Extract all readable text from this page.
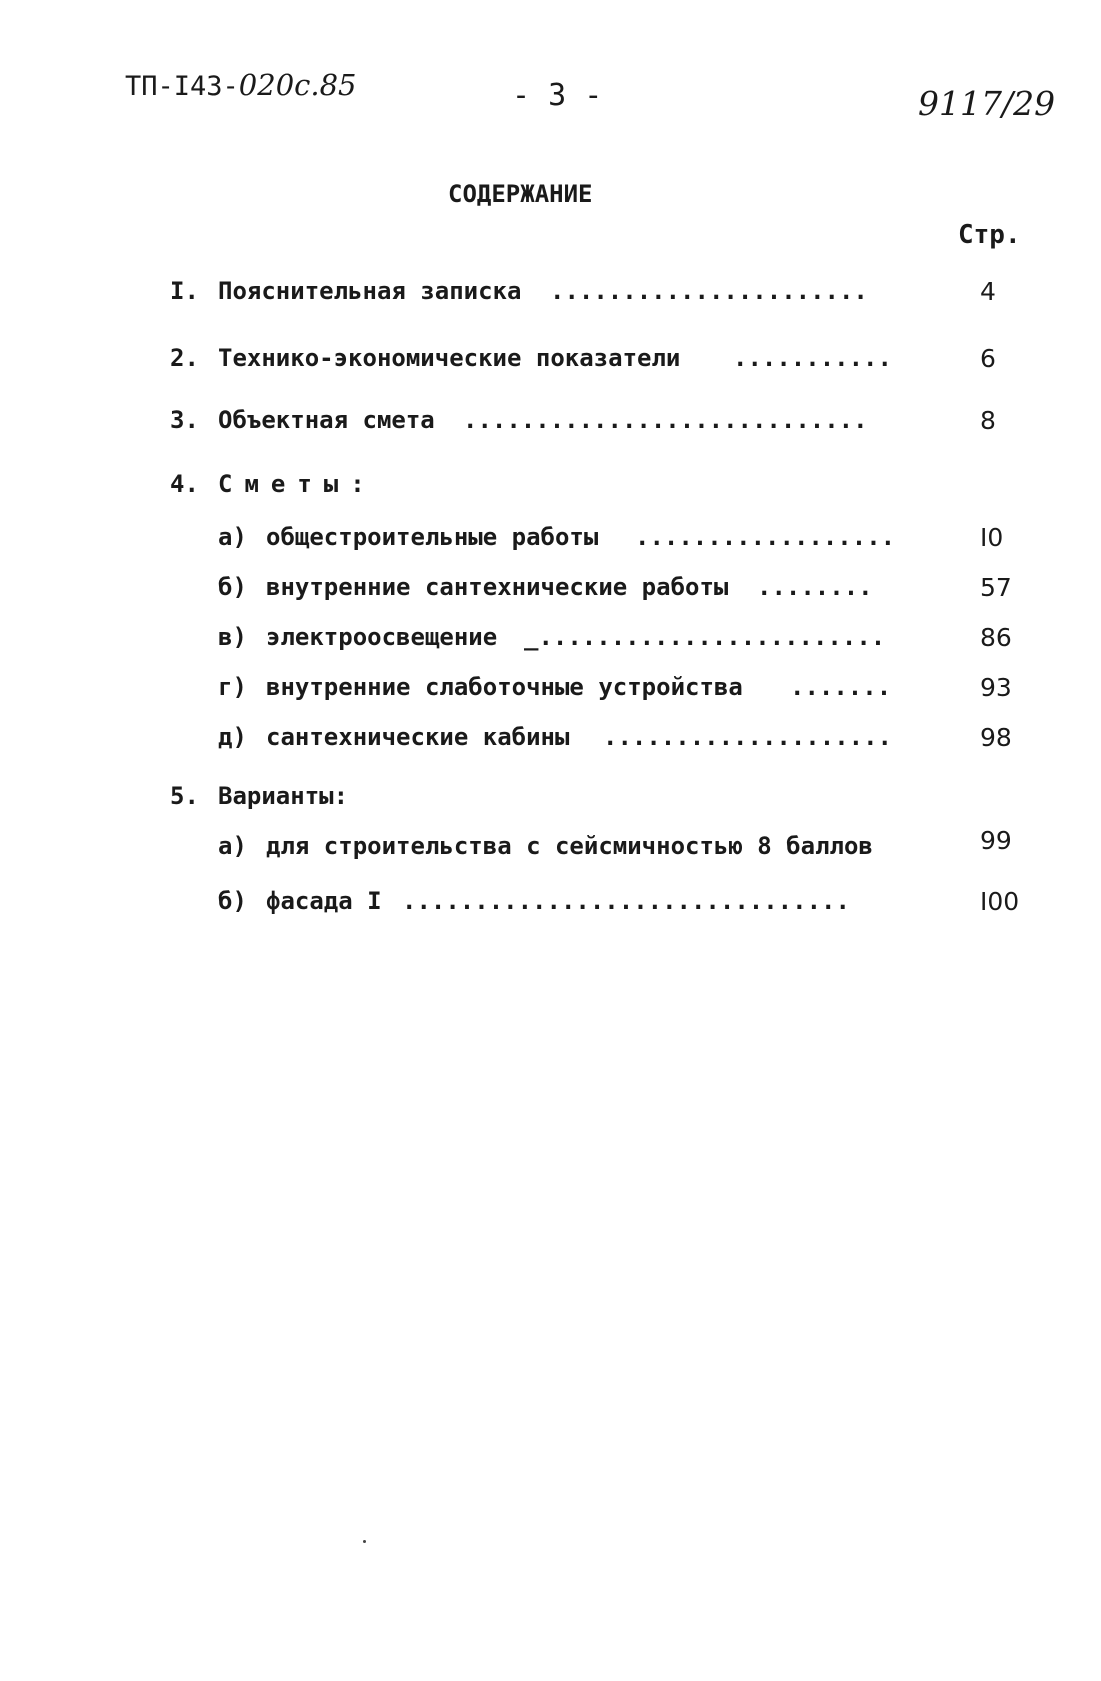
ТП-I43-020с.85	- 3 -	9117/29
СОДЕРЖАНИЕ
Стр.
I. Пояснительная записка ......................	4
2. Технико-экономические показатели ...........	6
3. Объектная смета ............................	8
4. Сметы:
а) общестроительные работы ..................	I0
б) внутренние сантехнические работы ........	57
в) электроосвещение _........................	86
г) внутренние слаботочные устройства .......	93
д) сантехнические кабины ....................	98
5. Варианты:
а) для строительства с сейсмичностью 8 баллов	99
б) фасада I ...............................	I00
